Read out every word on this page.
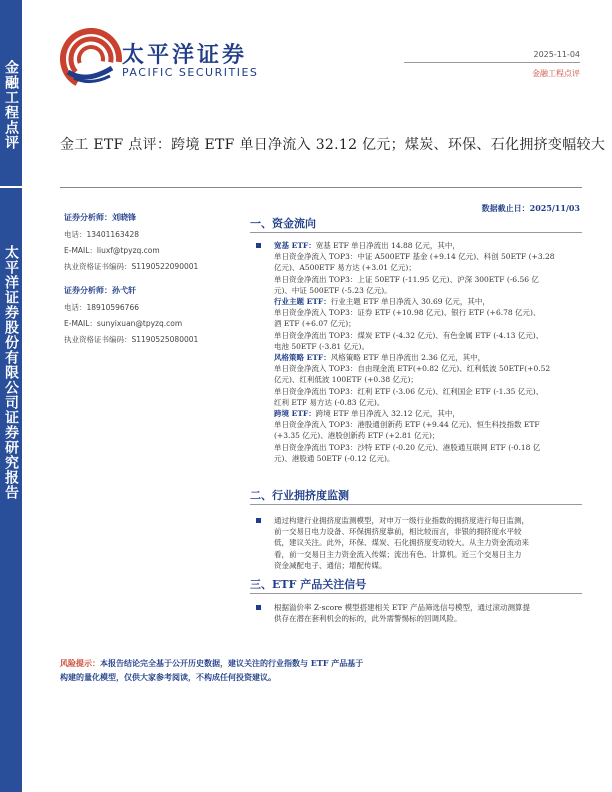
金融工程点评
太平洋证券股份有限公司证券研究报告
太平洋证券
PACIFIC SECURITIES
2025-11-04
金融工程点评
金工 ETF 点评：跨境 ETF 单日净流入 32.12 亿元；煤炭、环保、石化拥挤变幅较大
数据截止日：2025/11/03
证券分析师：刘晓锋
电话：13401163428
E-MAIL：liuxf@tpyzq.com
执业资格证书编码：S1190522090001
证券分析师：孙弋轩
电话：18910596766
E-MAIL：sunyixuan@tpyzq.com
执业资格证书编码：S1190525080001
一、资金流向
宽基 ETF：宽基 ETF 单日净流出 14.88 亿元，其中，
单日资金净流入 TOP3：中证 A500ETF 基金 (+9.14 亿元)、科创 50ETF (+3.28
亿元)、A500ETF 易方达 (+3.01 亿元)；
单日资金净流出 TOP3：上证 50ETF (-11.95 亿元)、沪深 300ETF (-6.56 亿
元)、中证 500ETF (-5.23 亿元)。
行业主题 ETF：行业主题 ETF 单日净流入 30.69 亿元，其中，
单日资金净流入 TOP3：证券 ETF (+10.98 亿元)、银行 ETF (+6.78 亿元)、
酒 ETF (+6.07 亿元)；
单日资金净流出 TOP3：煤炭 ETF (-4.32 亿元)、有色金属 ETF (-4.13 亿元)、
电池 50ETF (-3.81 亿元)。
风格策略 ETF：风格策略 ETF 单日净流出 2.36 亿元，其中，
单日资金净流入 TOP3：自由现金流 ETF(+0.82 亿元)、红利低波 50ETF(+0.52
亿元)、红利低波 100ETF (+0.38 亿元)；
单日资金净流出 TOP3：红利 ETF (-3.06 亿元)、红利国企 ETF (-1.35 亿元)、
红利 ETF 易方达 (-0.83 亿元)。
跨境 ETF：跨境 ETF 单日净流入 32.12 亿元，其中，
单日资金净流入 TOP3：港股通创新药 ETF (+9.44 亿元)、恒生科技指数 ETF
(+3.35 亿元)、港股创新药 ETF (+2.81 亿元)；
单日资金净流出 TOP3：沙特 ETF (-0.20 亿元)、港股通互联网 ETF (-0.18 亿
元)、港股通 50ETF (-0.12 亿元)。
二、行业拥挤度监测
通过构建行业拥挤度监测模型，对申万一级行业指数的拥挤度进行每日监测，
前一交易日电力设备、环保拥挤度靠前，相比较而言，非银的拥挤度水平较
低，建议关注。此外，环保、煤炭、石化拥挤度变动较大。从主力资金流动来
看，前一交易日主力资金流入传媒；流出有色、计算机。近三个交易日主力
资金减配电子、通信；增配传媒。
三、ETF 产品关注信号
根据溢价率 Z-score 模型搭建相关 ETF 产品筛选信号模型，通过滚动测算提
供存在潜在套利机会的标的，此外需警惕标的回调风险。
风险提示：本报告结论完全基于公开历史数据，建议关注的行业指数与 ETF 产品基于
构建的量化模型，仅供大家参考阅读，不构成任何投资建议。
